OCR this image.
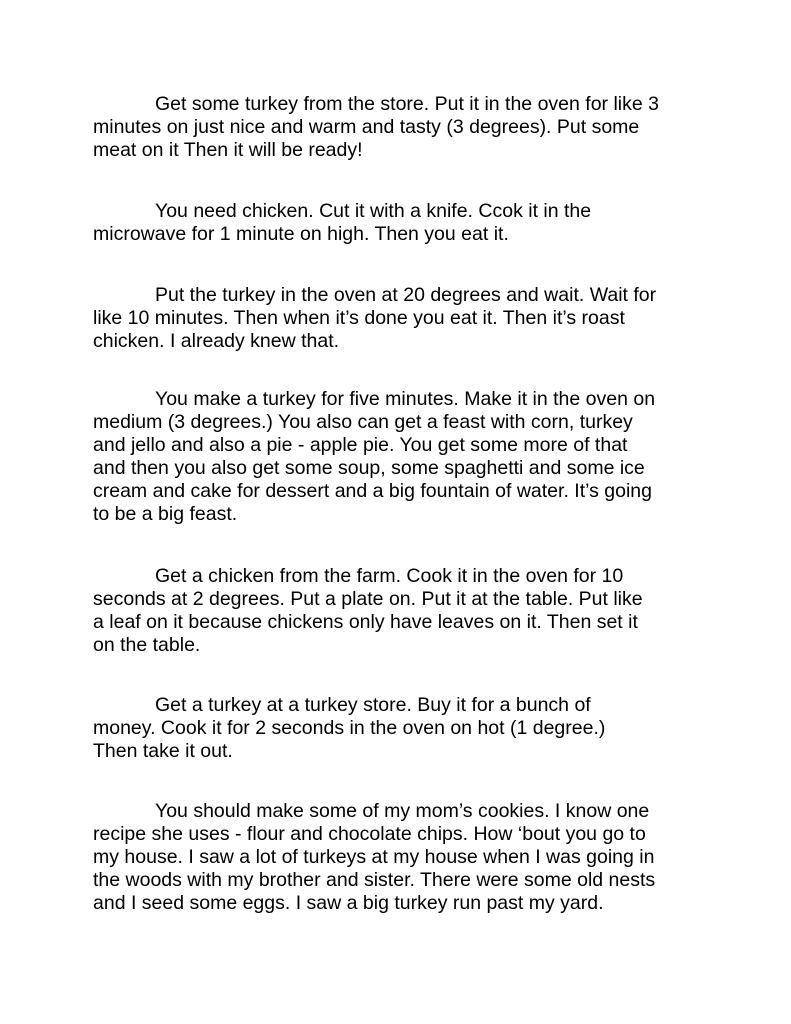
Get some turkey from the store. Put it in the oven for like 3
minutes on just nice and warm and tasty (3 degrees). Put some
meat on it Then it will be ready!

You need chicken. Cut it with a knife. Ccok it in the
microwave for 1 minute on high. Then you eat it.

Put the turkey in the oven at 20 degrees and wait. Wait for
like 10 minutes. Then when it’s done you eat it. Then it’s roast
chicken. I already knew that.

You make a turkey for five minutes. Make it in the oven on
medium (3 degrees.) You also can get a feast with corn, turkey
and jello and also a pie - apple pie. You get some more of that
and then you also get some soup, some spaghetti and some ice
cream and cake for dessert and a big fountain of water. It’s going
to be a big feast.

Get a chicken from the farm. Cook it in the oven for 10
seconds at 2 degrees. Put a plate on. Put it at the table. Put like
a leaf on it because chickens only have leaves on it. Then set it
on the table.

Get a turkey at a turkey store. Buy it for a bunch of
money. Cook it for 2 seconds in the oven on hot (1 degree.)
Then take it out.

You should make some of my mom’s cookies. I know one
recipe she uses - flour and chocolate chips. How ‘bout you go to
my house. I saw a lot of turkeys at my house when I was going in
the woods with my brother and sister. There were some old nests
and I seed some eggs. I saw a big turkey run past my yard.
